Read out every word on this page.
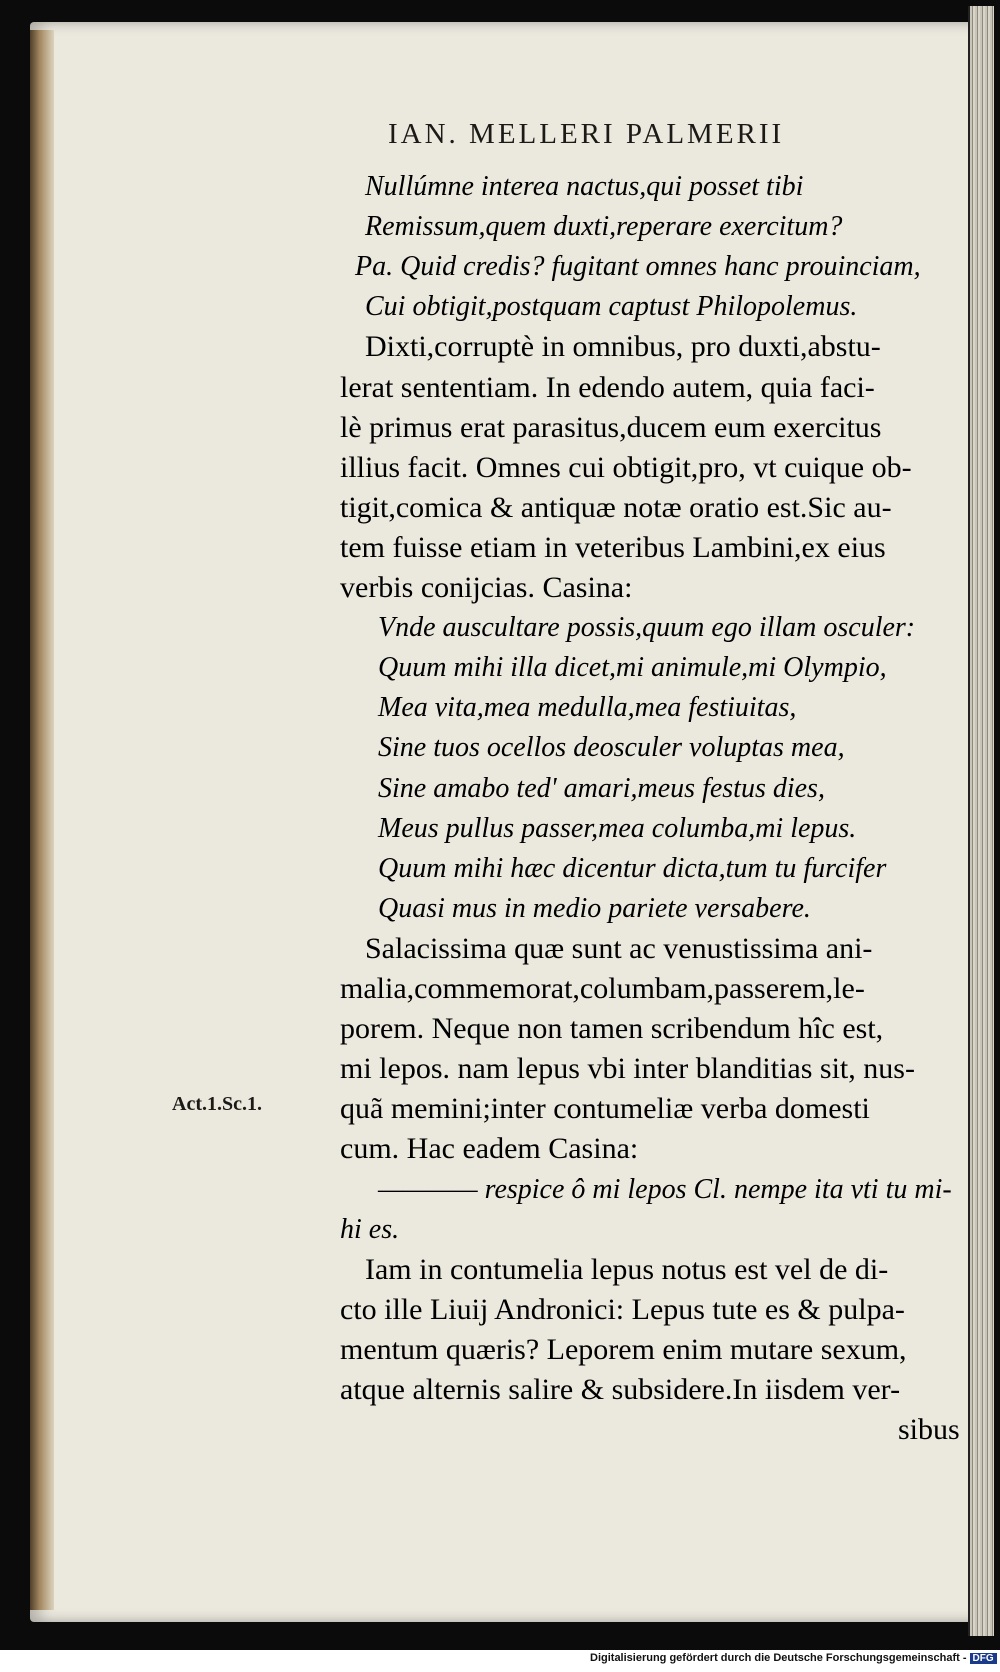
IAN. MELLERI PALMERII
Act.1.Sc.1.
Nullúmne interea nactus,qui posset tibi
Remissum,quem duxti,reperare exercitum?
Pa. Quid credis? fugitant omnes hanc prouinciam,
Cui obtigit,postquam captust Philopolemus.
Dixti,corruptè in omnibus, pro duxti,abstu-
lerat sententiam. In edendo autem, quia faci-
lè primus erat parasitus,ducem eum exercitus
illius facit. Omnes cui obtigit,pro, vt cuique ob-
tigit,comica & antiquæ notæ oratio est.Sic au-
tem fuisse etiam in veteribus Lambini,ex eius
verbis conijcias. Casina:
Vnde auscultare possis,quum ego illam osculer:
Quum mihi illa dicet,mi animule,mi Olympio,
Mea vita,mea medulla,mea festiuitas,
Sine tuos ocellos deosculer voluptas mea,
Sine amabo ted' amari,meus festus dies,
Meus pullus passer,mea columba,mi lepus.
Quum mihi hæc dicentur dicta,tum tu furcifer
Quasi mus in medio pariete versabere.
Salacissima quæ sunt ac venustissima ani-
malia,commemorat,columbam,passerem,le-
porem. Neque non tamen scribendum hîc est,
mi lepos. nam lepus vbi inter blanditias sit, nus-
quã memini;inter contumeliæ verba domesti
cum. Hac eadem Casina:
———— respice ô mi lepos Cl. nempe ita vti tu mi-
hi es.
Iam in contumelia lepus notus est vel de di-
cto ille Liuij Andronici: Lepus tute es & pulpa-
mentum quæris? Leporem enim mutare sexum,
atque alternis salire & subsidere.In iisdem ver-
sibus
Digitalisierung gefördert durch die Deutsche Forschungsgemeinschaft - DFG
